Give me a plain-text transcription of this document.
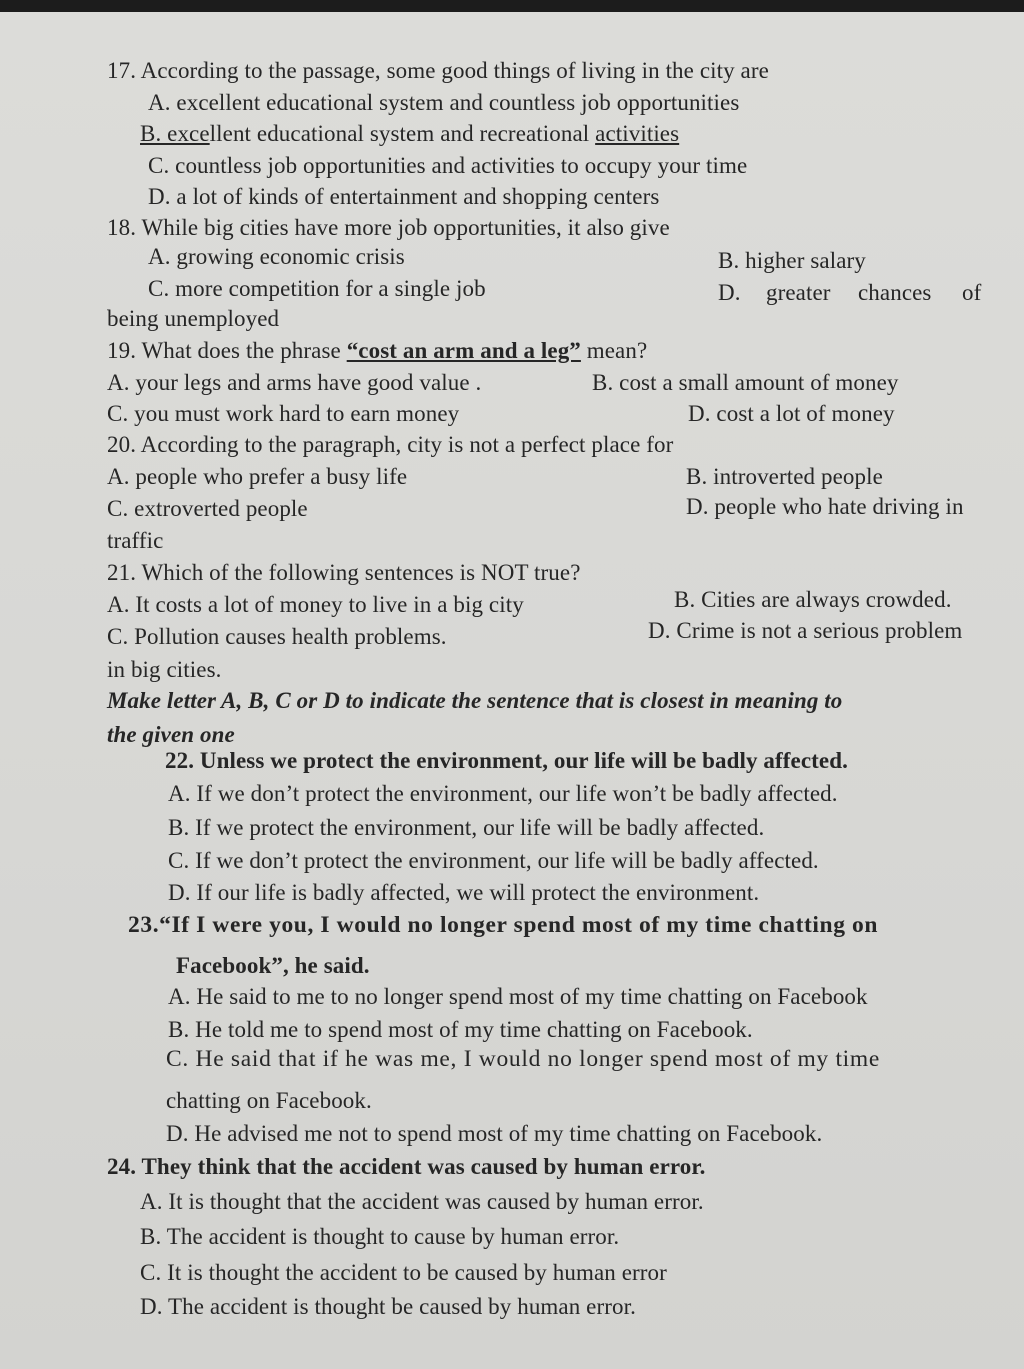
17. According to the passage, some good things of living in the city are
A. excellent educational system and countless job opportunities
B. excellent educational system and recreational activities
C. countless job opportunities and activities to occupy your time
D. a lot of kinds of entertainment and shopping centers
18. While big cities have more job opportunities, it also give
A. growing economic crisis	B. higher salary
C. more competition for a single job	D. greater chances of
being unemployed
19. What does the phrase “cost an arm and a leg” mean?
A. your legs and arms have good value .	B. cost a small amount of money
C. you must work hard to earn money	D. cost a lot of money
20. According to the paragraph, city is not a perfect place for
A. people who prefer a busy life	B. introverted people
C. extroverted people	D. people who hate driving in
traffic
21. Which of the following sentences is NOT true?
A. It costs a lot of money to live in a big city	B. Cities are always crowded.
C. Pollution causes health problems.	D. Crime is not a serious problem
in big cities.
Make letter A, B, C or D to indicate the sentence that is closest in meaning to
the given one
22. Unless we protect the environment, our life will be badly affected.
A. If we don’t protect the environment, our life won’t be badly affected.
B. If we protect the environment, our life will be badly affected.
C. If we don’t protect the environment, our life will be badly affected.
D. If our life is badly affected, we will protect the environment.
23.“If I were you, I would no longer spend most of my time chatting on
Facebook”, he said.
A. He said to me to no longer spend most of my time chatting on Facebook
B. He told me to spend most of my time chatting on Facebook.
C. He said that if he was me, I would no longer spend most of my time
chatting on Facebook.
D. He advised me not to spend most of my time chatting on Facebook.
24. They think that the accident was caused by human error.
A. It is thought that the accident was caused by human error.
B. The accident is thought to cause by human error.
C. It is thought the accident to be caused by human error
D. The accident is thought be caused by human error.
